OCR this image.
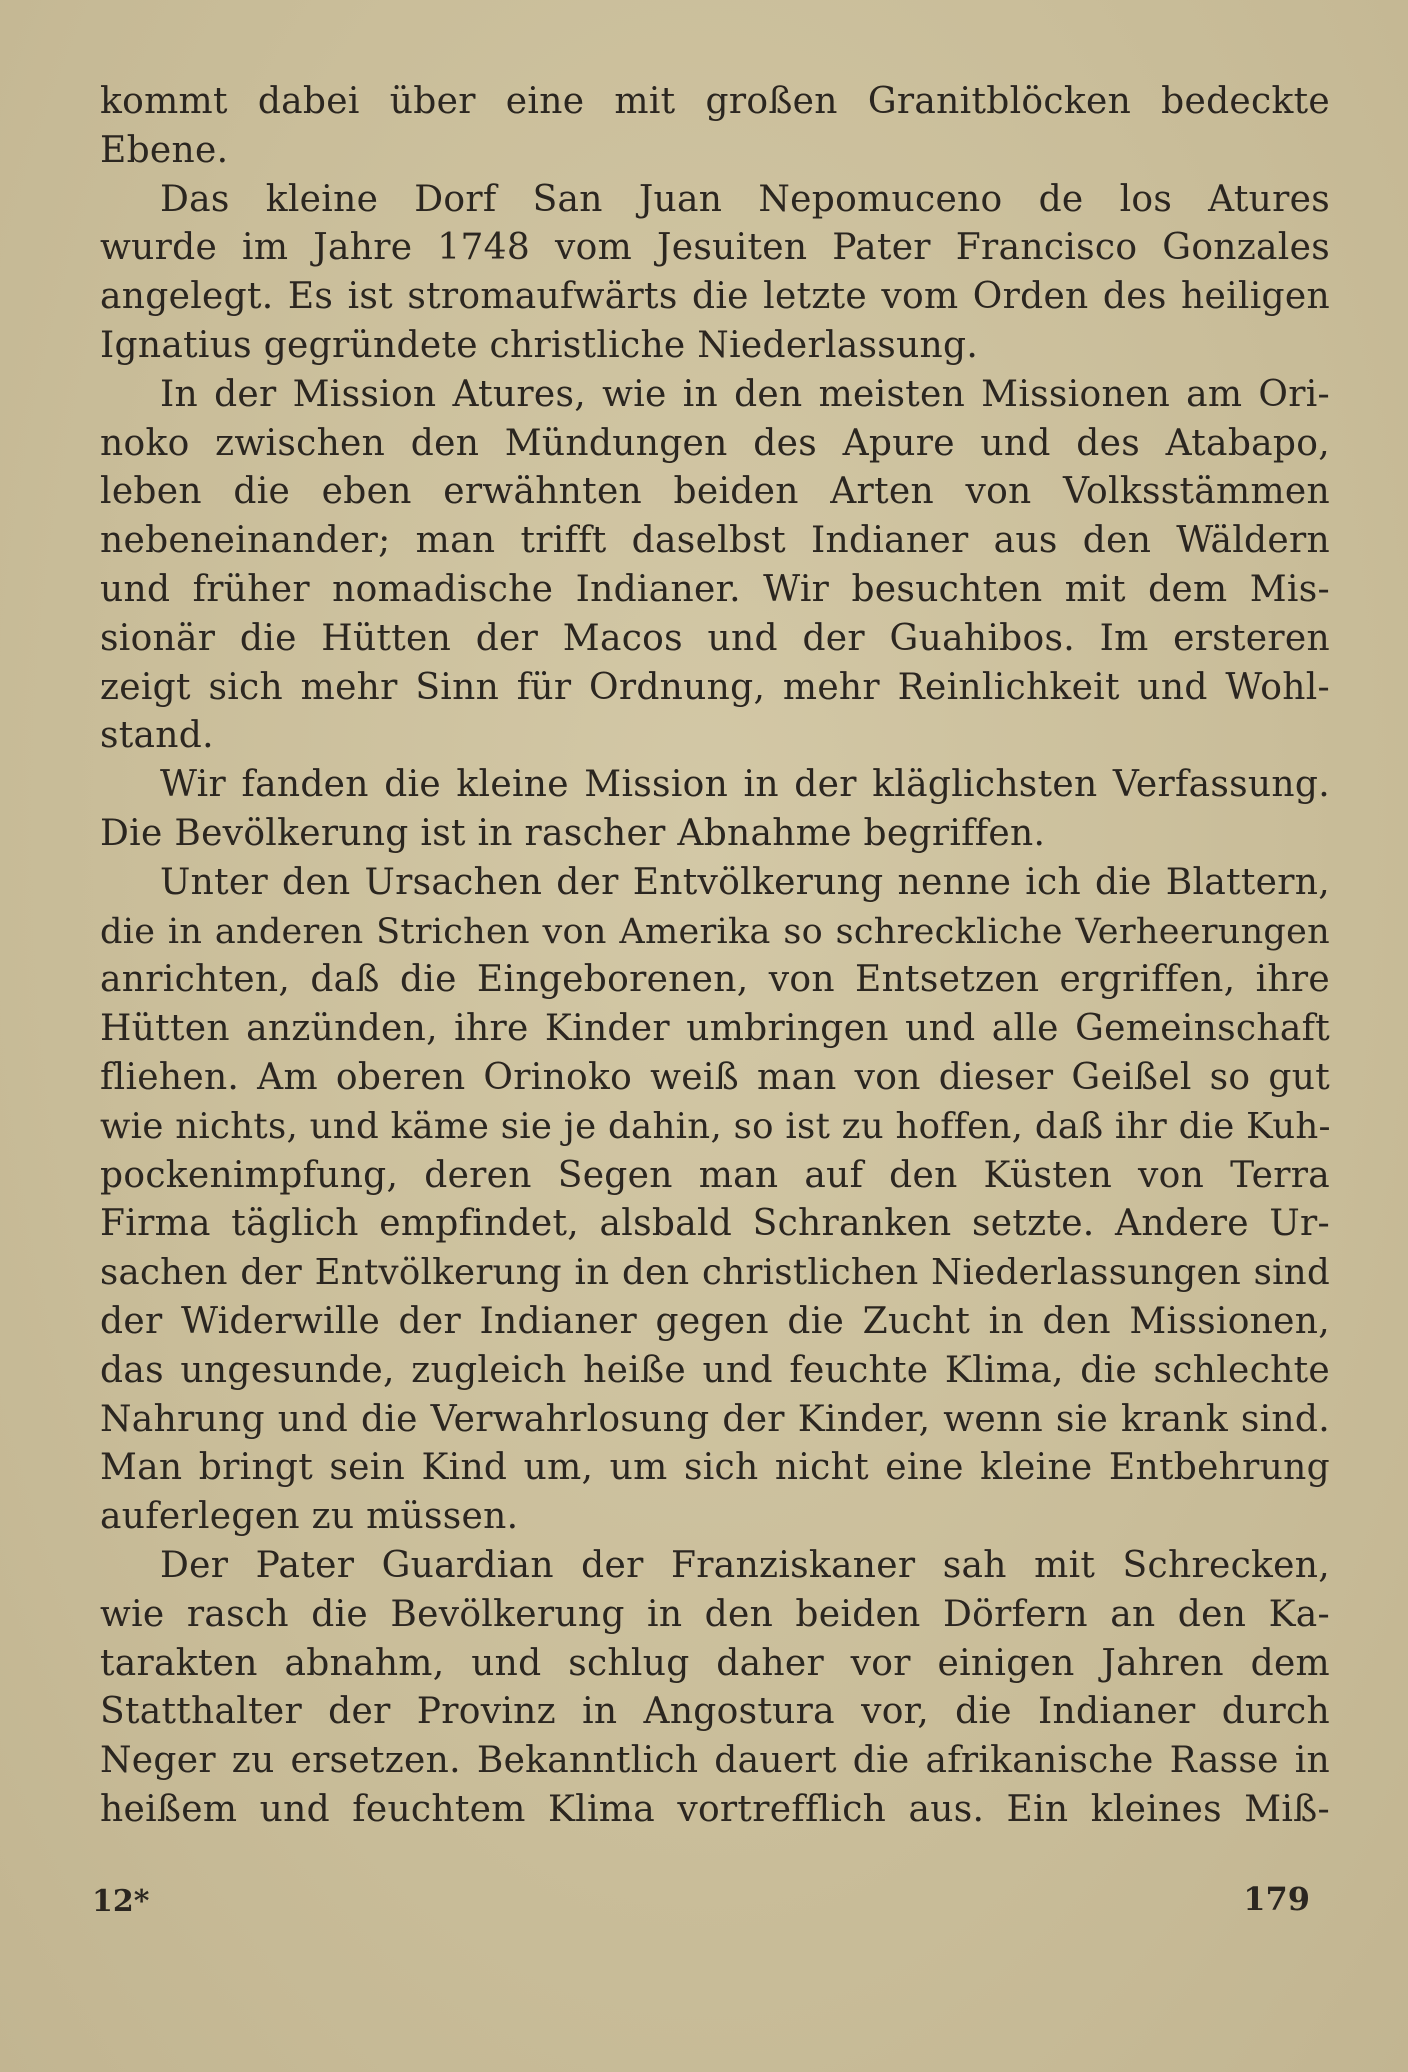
kommt dabei über eine mit großen Granitblöcken bedeckte
Ebene.
Das kleine Dorf San Juan Nepomuceno de los Atures
wurde im Jahre 1748 vom Jesuiten Pater Francisco Gonzales
angelegt. Es ist stromaufwärts die letzte vom Orden des heiligen
Ignatius gegründete christliche Niederlassung.
In der Mission Atures, wie in den meisten Missionen am Ori-
noko zwischen den Mündungen des Apure und des Atabapo,
leben die eben erwähnten beiden Arten von Volksstämmen
nebeneinander; man trifft daselbst Indianer aus den Wäldern
und früher nomadische Indianer. Wir besuchten mit dem Mis-
sionär die Hütten der Macos und der Guahibos. Im ersteren
zeigt sich mehr Sinn für Ordnung, mehr Reinlichkeit und Wohl-
stand.
Wir fanden die kleine Mission in der kläglichsten Verfassung.
Die Bevölkerung ist in rascher Abnahme begriffen.
Unter den Ursachen der Entvölkerung nenne ich die Blattern,
die in anderen Strichen von Amerika so schreckliche Verheerungen
anrichten, daß die Eingeborenen, von Entsetzen ergriffen, ihre
Hütten anzünden, ihre Kinder umbringen und alle Gemeinschaft
fliehen. Am oberen Orinoko weiß man von dieser Geißel so gut
wie nichts, und käme sie je dahin, so ist zu hoffen, daß ihr die Kuh-
pockenimpfung, deren Segen man auf den Küsten von Terra
Firma täglich empfindet, alsbald Schranken setzte. Andere Ur-
sachen der Entvölkerung in den christlichen Niederlassungen sind
der Widerwille der Indianer gegen die Zucht in den Missionen,
das ungesunde, zugleich heiße und feuchte Klima, die schlechte
Nahrung und die Verwahrlosung der Kinder, wenn sie krank sind.
Man bringt sein Kind um, um sich nicht eine kleine Entbehrung
auferlegen zu müssen.
Der Pater Guardian der Franziskaner sah mit Schrecken,
wie rasch die Bevölkerung in den beiden Dörfern an den Ka-
tarakten abnahm, und schlug daher vor einigen Jahren dem
Statthalter der Provinz in Angostura vor, die Indianer durch
Neger zu ersetzen. Bekanntlich dauert die afrikanische Rasse in
heißem und feuchtem Klima vortrefflich aus. Ein kleines Miß-
12*	179
